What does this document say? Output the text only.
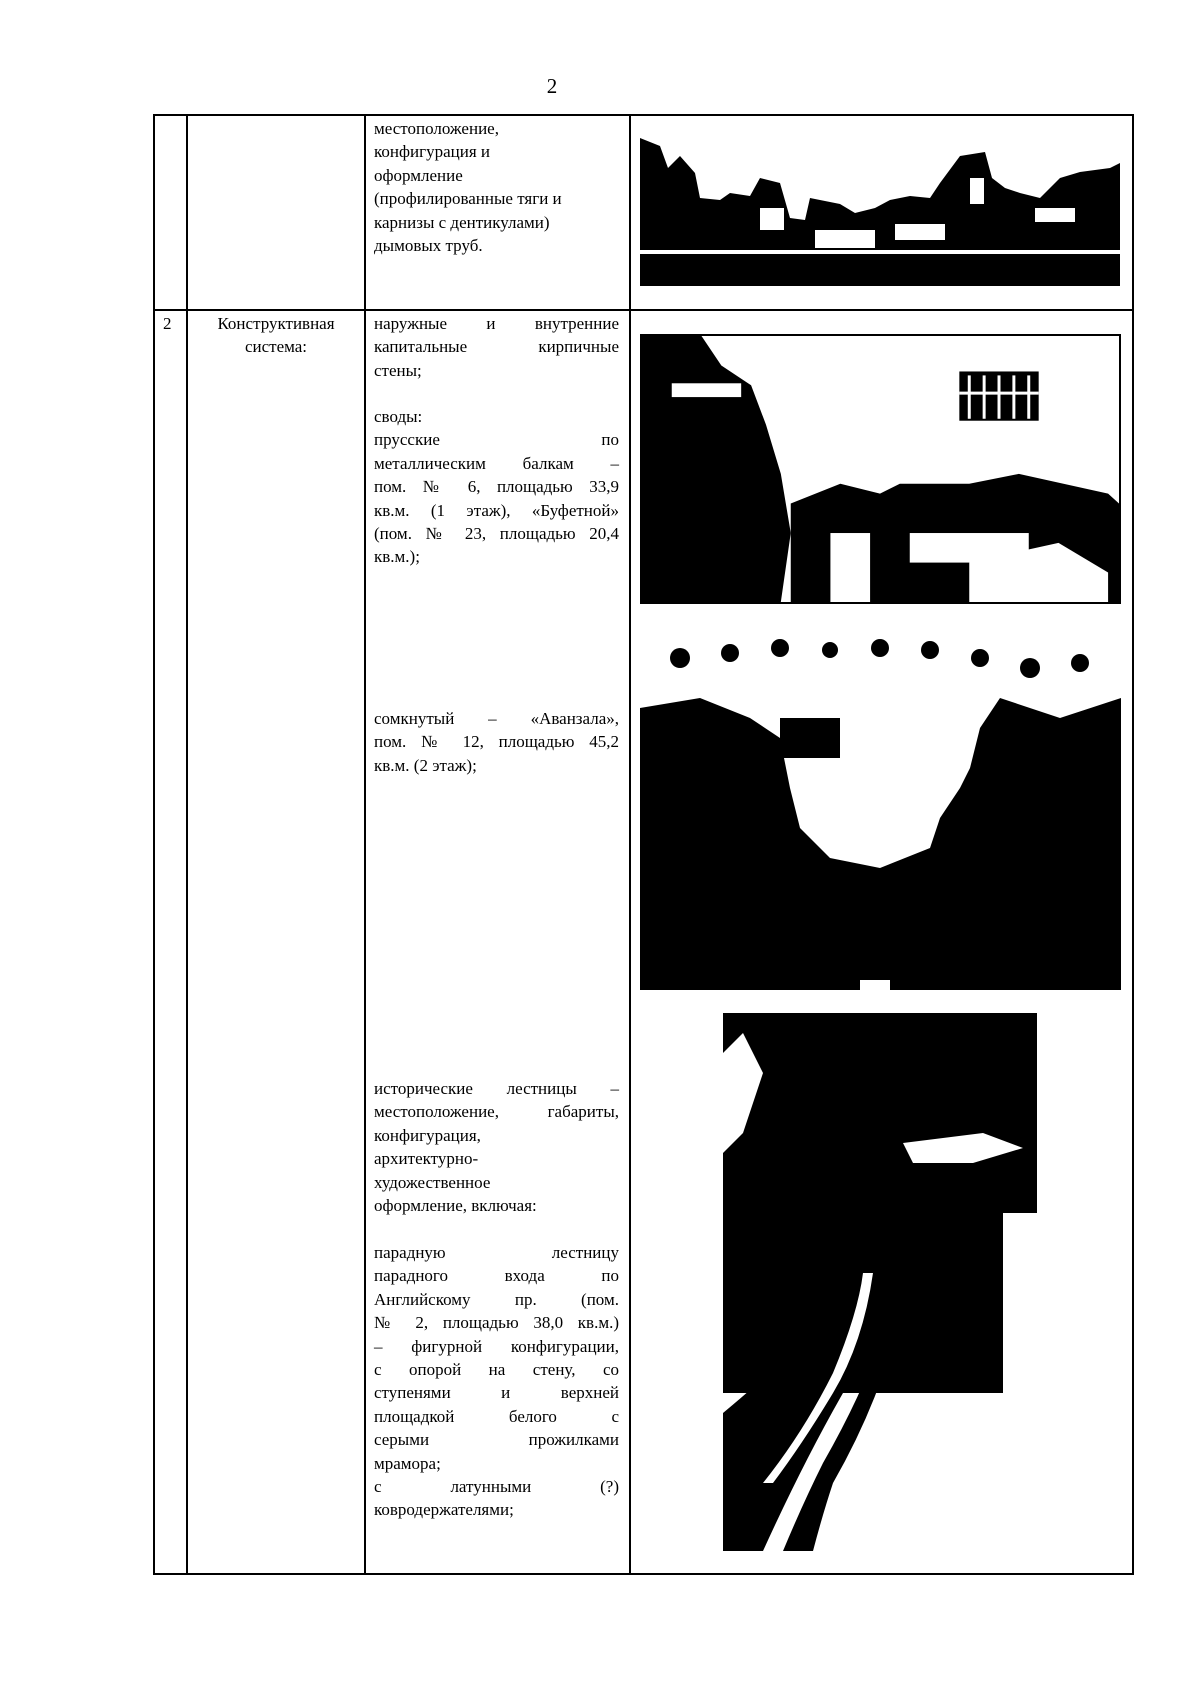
2
местоположение,
конфигурация и
оформление
(профилированные тяги и
карнизы с дентикулами)
дымовых труб.
2	Конструктивная
система:
наружные и внутренние
капитальные кирпичные
стены;
своды:
прусские по
металлическим балкам –
пом. № 6, площадью 33,9
кв.м. (1 этаж), «Буфетной»
(пом. № 23, площадью 20,4
кв.м.);
сомкнутый – «Аванзала»,
пом. № 12, площадью 45,2
кв.м. (2 этаж);
исторические лестницы –
местоположение, габариты,
конфигурация,
архитектурно-
художественное
оформление, включая:
парадную лестницу
парадного входа по
Английскому пр. (пом.
№ 2, площадью 38,0 кв.м.)
– фигурной конфигурации,
с опорой на стену, со
ступенями и верхней
площадкой белого с
серыми прожилками
мрамора;
с латунными (?)
ковродержателями;
